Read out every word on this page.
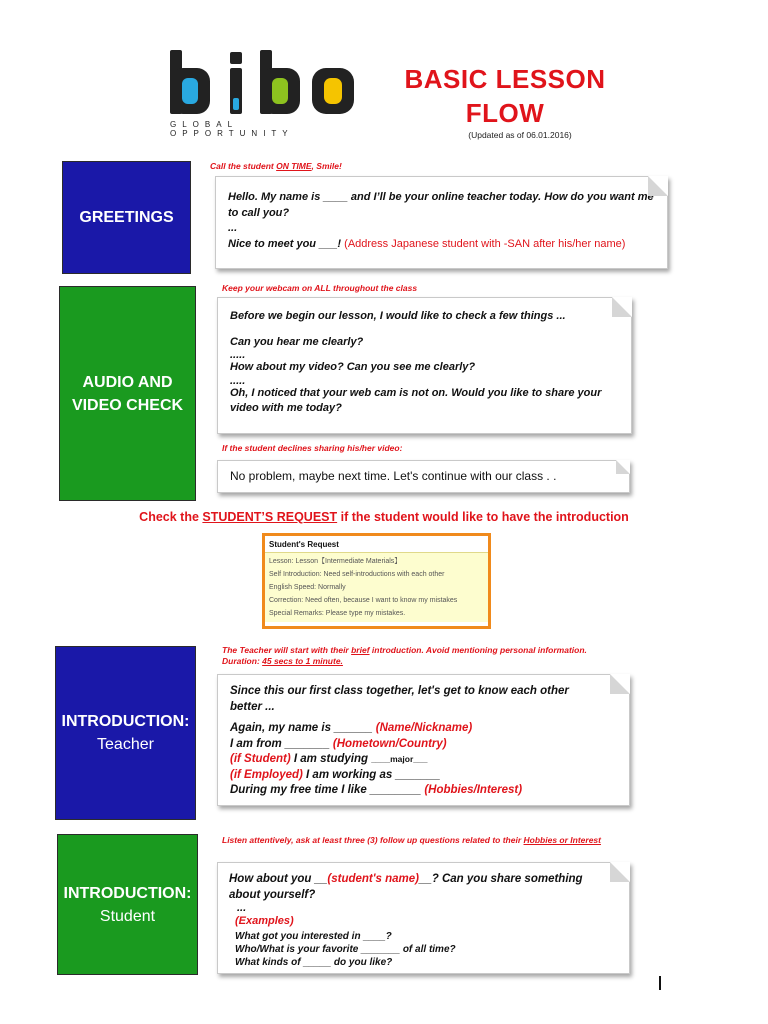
GLOBAL OPPORTUNITY
BASIC LESSON
FLOW
(Updated as of 06.01.2016)
GREETINGS
Call the student ON TIME, Smile!
Hello. My name is ____ and I’ll be your online teacher today. How do you want me to call you?
...
Nice to meet you ___! (Address Japanese student with -SAN after his/her name)
AUDIO AND
VIDEO CHECK
Keep your webcam on ALL throughout the class
Before we begin our lesson, I would like to check a few things ...
Can you hear me clearly?
.....
How about my video? Can you see me clearly?
.....
Oh, I noticed that your web cam is not on. Would you like to share your video with me today?
If the student declines sharing his/her video:
No problem, maybe next time. Let's continue with our class . .
Check the STUDENT’S REQUEST if the student would like to have the introduction
Student's Request
Lesson: Lesson【Intermediate Materials】
Self Introduction: Need self-introductions with each other
English Speed: Normally
Correction: Need often, because I want to know my mistakes
Special Remarks: Please type my mistakes.
INTRODUCTION:
Teacher
The Teacher will start with their brief introduction. Avoid mentioning personal information.
Duration: 45 secs to 1 minute.
Since this our first class together, let's get to know each other better ...
Again, my name is ______ (Name/Nickname)
I am from _______ (Hometown/Country)
(if Student) I am studying ____major___
(if Employed) I am working as _______
During my free time I like ________ (Hobbies/Interest)
INTRODUCTION:
Student
Listen attentively, ask at least three (3) follow up questions related to their Hobbies or Interest
How about you __(student's name)__? Can you share something about yourself?
...
(Examples)
What got you interested in ____?
Who/What is your favorite _______ of all time?
What kinds of _____ do you like?
